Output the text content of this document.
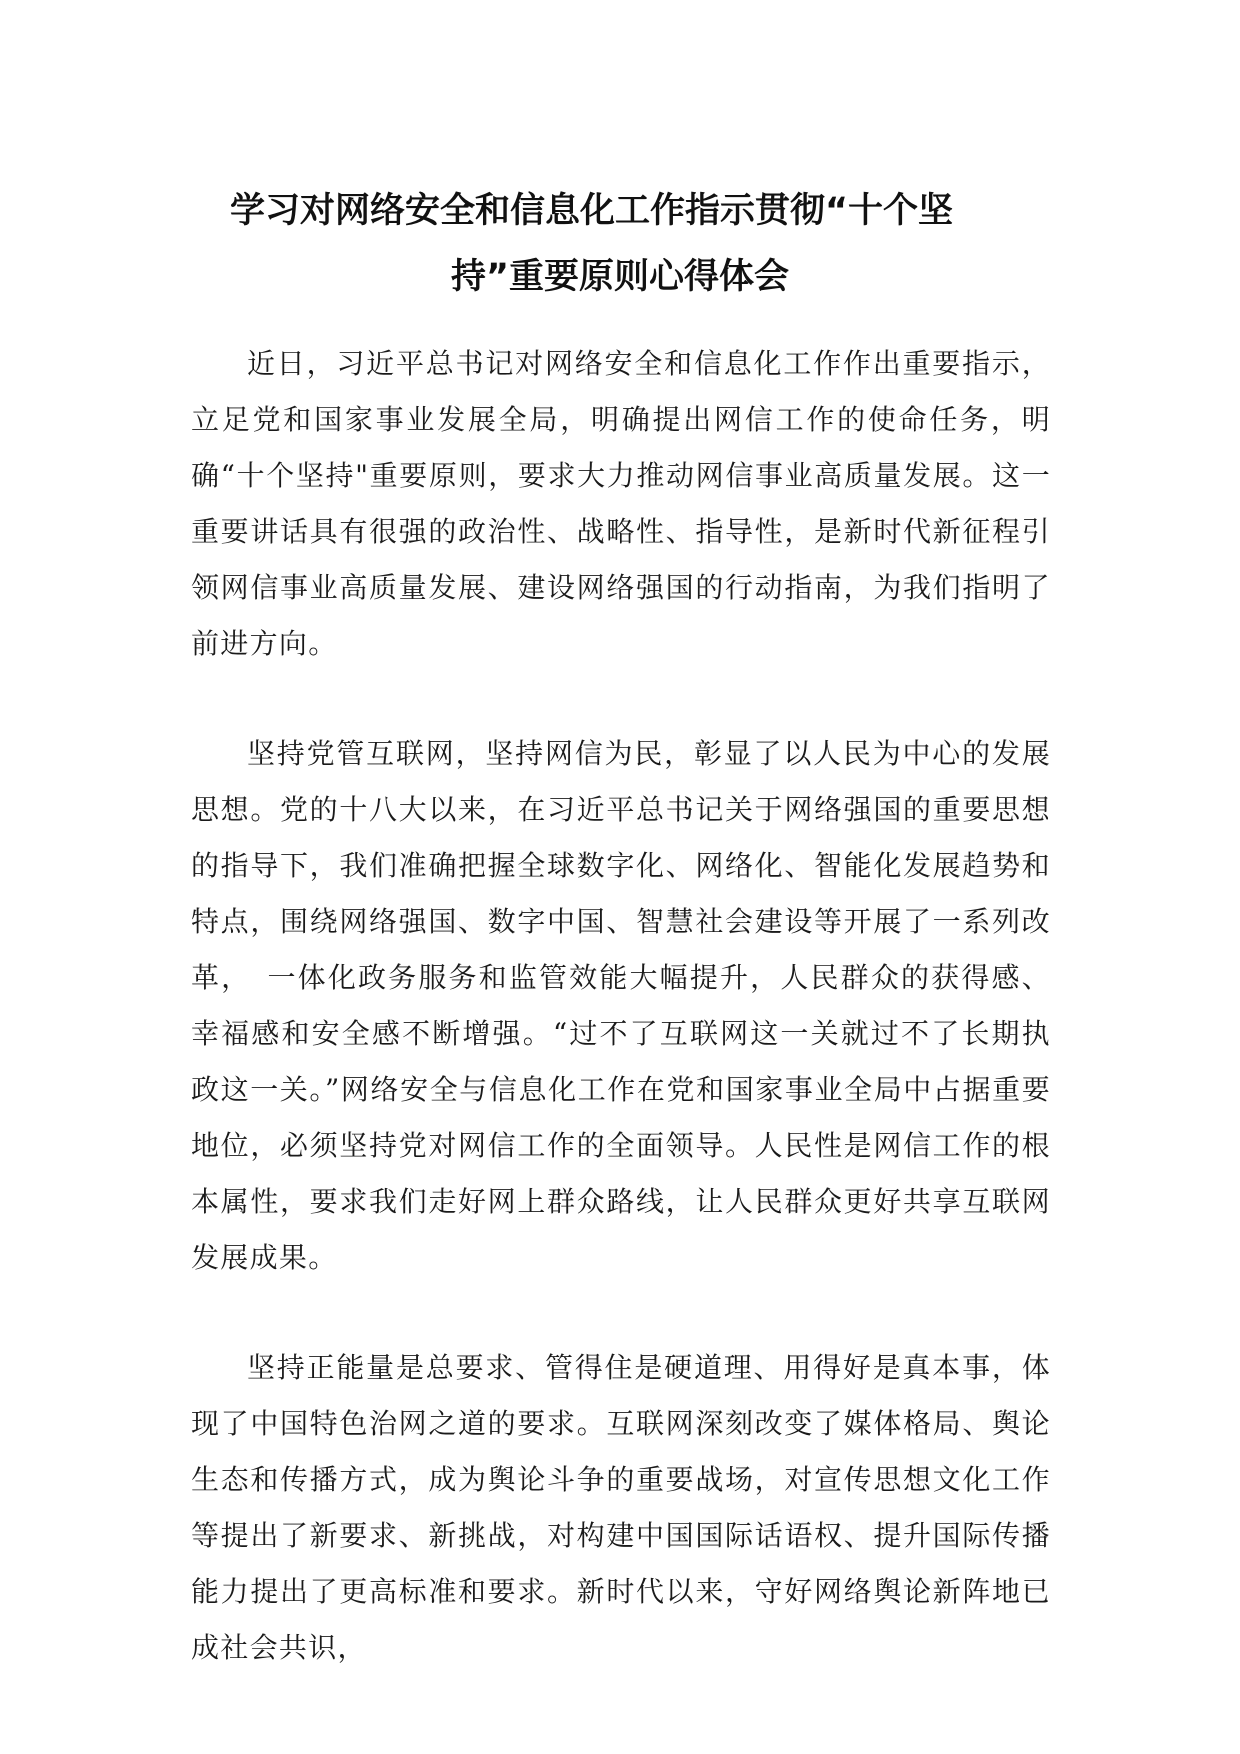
学习对网络安全和信息化工作指示贯彻“十个坚
持”重要原则心得体会

近日，习近平总书记对网络安全和信息化工作作出重要指示，立足党和国家事业发展全局，明确提出网信工作的使命任务，明确“十个坚持"重要原则，要求大力推动网信事业高质量发展。这一重要讲话具有很强的政治性、战略性、指导性，是新时代新征程引领网信事业高质量发展、建设网络强国的行动指南，为我们指明了前进方向。

坚持党管互联网，坚持网信为民，彰显了以人民为中心的发展思想。党的十八大以来，在习近平总书记关于网络强国的重要思想的指导下，我们准确把握全球数字化、网络化、智能化发展趋势和特点，围绕网络强国、数字中国、智慧社会建设等开展了一系列改革，　一体化政务服务和监管效能大幅提升，人民群众的获得感、幸福感和安全感不断增强。“过不了互联网这一关就过不了长期执政这一关。”网络安全与信息化工作在党和国家事业全局中占据重要地位，必须坚持党对网信工作的全面领导。人民性是网信工作的根本属性，要求我们走好网上群众路线，让人民群众更好共享互联网发展成果。

坚持正能量是总要求、管得住是硬道理、用得好是真本事，体现了中国特色治网之道的要求。互联网深刻改变了媒体格局、舆论生态和传播方式，成为舆论斗争的重要战场，对宣传思想文化工作等提出了新要求、新挑战，对构建中国国际话语权、提升国际传播能力提出了更高标准和要求。新时代以来，守好网络舆论新阵地已成社会共识，
